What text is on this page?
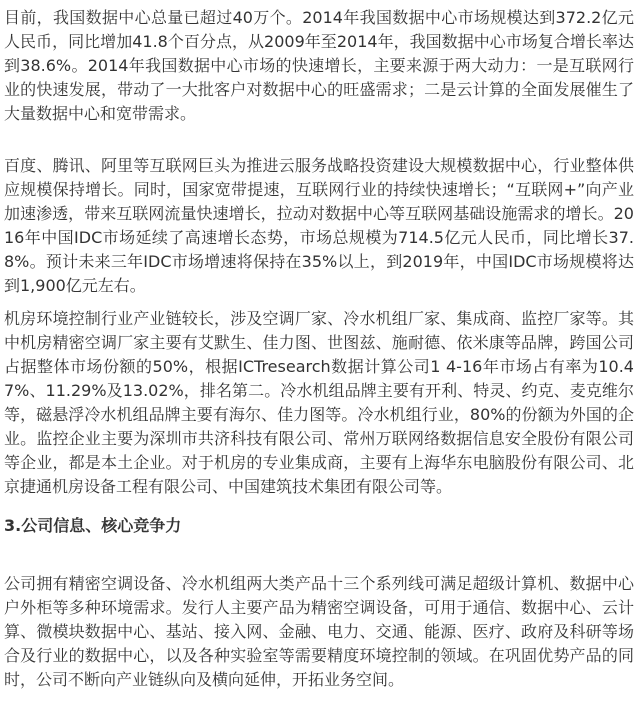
目前，我国数据中心总量已超过40万个。2014年我国数据中心市场规模达到372.2亿元人民币，同比增加41.8个百分点，从2009年至2014年，我国数据中心市场复合增长率达到38.6%。2014年我国数据中心市场的快速增长，主要来源于两大动力：一是互联网行业的快速发展，带动了一大批客户对数据中心的旺盛需求；二是云计算的全面发展催生了大量数据中心和宽带需求。

百度、腾讯、阿里等互联网巨头为推进云服务战略投资建设大规模数据中心，行业整体供应规模保持增长。同时，国家宽带提速，互联网行业的持续快速增长；“互联网+”向产业加速渗透，带来互联网流量快速增长，拉动对数据中心等互联网基础设施需求的增长。2016年中国IDC市场延续了高速增长态势，市场总规模为714.5亿元人民币，同比增长37.8%。预计未来三年IDC市场增速将保持在35%以上，到2019年，中国IDC市场规模将达到1,900亿元左右。

机房环境控制行业产业链较长，涉及空调厂家、冷水机组厂家、集成商、监控厂家等。其中机房精密空调厂家主要有艾默生、佳力图、世图兹、施耐德、依米康等品牌，跨国公司占据整体市场份额的50%，根据ICTresearch数据计算公司1 4-16年市场占有率为10.47%、11.29%及13.02%，排名第二。冷水机组品牌主要有开利、特灵、约克、麦克维尔等，磁悬浮冷水机组品牌主要有海尔、佳力图等。冷水机组行业，80%的份额为外国的企业。监控企业主要为深圳市共济科技有限公司、常州万联网络数据信息安全股份有限公司等企业，都是本土企业。对于机房的专业集成商，主要有上海华东电脑股份有限公司、北京捷通机房设备工程有限公司、中国建筑技术集团有限公司等。

3.公司信息、核心竞争力

公司拥有精密空调设备、冷水机组两大类产品十三个系列线可满足超级计算机、数据中心户外柜等多种环境需求。发行人主要产品为精密空调设备，可用于通信、数据中心、云计算、微模块数据中心、基站、接入网、金融、电力、交通、能源、医疗、政府及科研等场合及行业的数据中心，以及各种实验室等需要精度环境控制的领域。在巩固优势产品的同时，公司不断向产业链纵向及横向延伸，开拓业务空间。
